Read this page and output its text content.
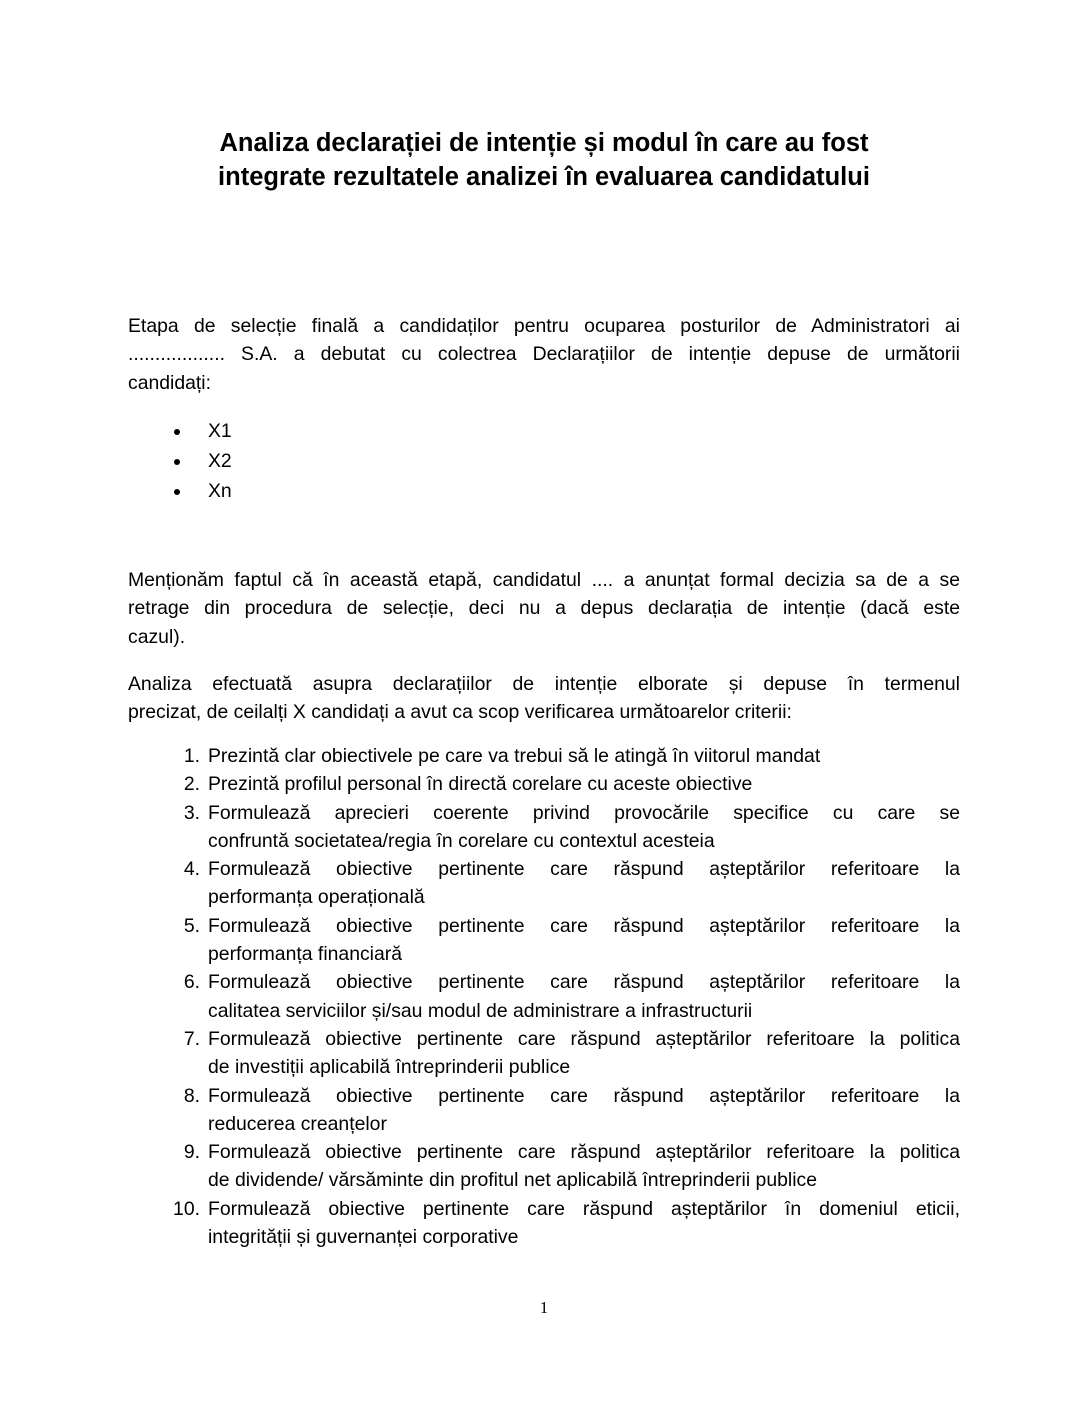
Analiza declarației de intenție și modul în care au fost
integrate rezultatele analizei în evaluarea candidatului

Etapa de selecție finală a candidaților pentru ocuparea posturilor de Administratori ai
.................. S.A. a debutat cu colectrea Declarațiilor de intenție depuse de următorii
candidați:

X1
X2
Xn

Menționăm faptul că în această etapă, candidatul .... a anunțat formal decizia sa de a se
retrage din procedura de selecție, deci nu a depus declarația de intenție (dacă este
cazul).

Analiza efectuată asupra declarațiilor de intenție elborate și depuse în termenul
precizat, de ceilalți X candidați a avut ca scop verificarea următoarelor criterii:

1. Prezintă clar obiectivele pe care va trebui să le atingă în viitorul mandat
2. Prezintă profilul personal în directă corelare cu aceste obiective
3. Formulează aprecieri coerente privind provocările specifice cu care se
confruntă societatea/regia în corelare cu contextul acesteia
4. Formulează obiective pertinente care răspund așteptărilor referitoare la
performanța operațională
5. Formulează obiective pertinente care răspund așteptărilor referitoare la
performanța financiară
6. Formulează obiective pertinente care răspund așteptărilor referitoare la
calitatea serviciilor și/sau modul de administrare a infrastructurii
7. Formulează obiective pertinente care răspund așteptărilor referitoare la politica
de investiții aplicabilă întreprinderii publice
8. Formulează obiective pertinente care răspund așteptărilor referitoare la
reducerea creanțelor
9. Formulează obiective pertinente care răspund așteptărilor referitoare la politica
de dividende/ vărsăminte din profitul net aplicabilă întreprinderii publice
10. Formulează obiective pertinente care răspund așteptărilor în domeniul eticii,
integrității și guvernanței corporative
1
